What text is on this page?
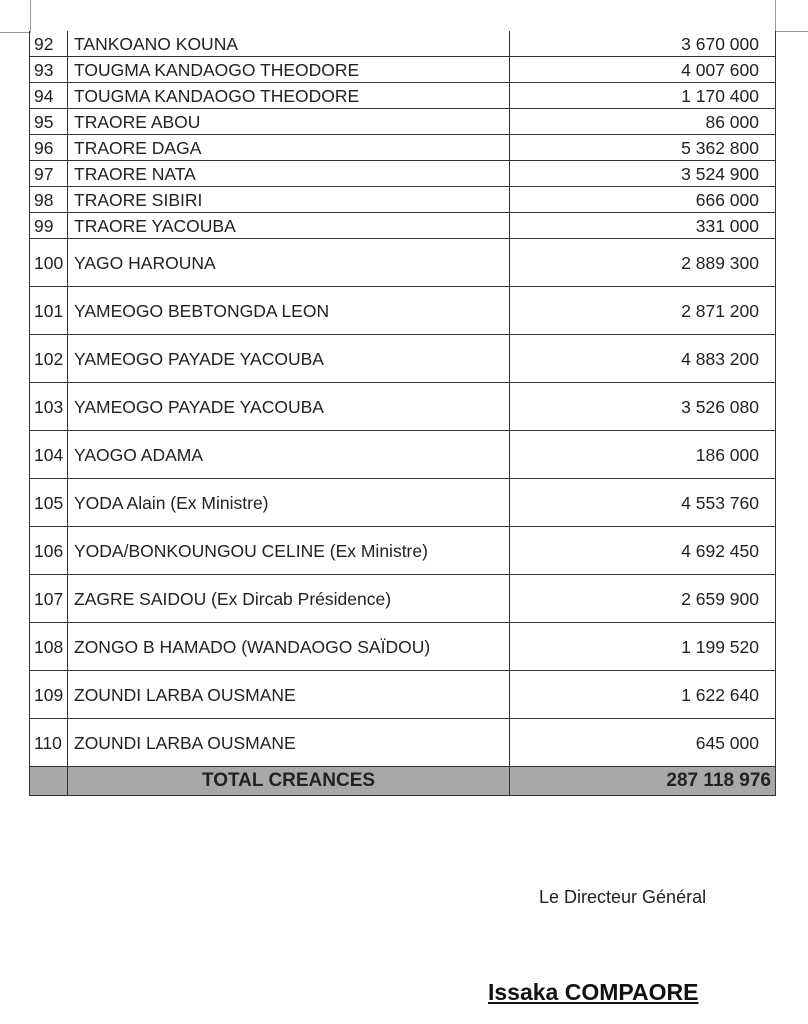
92	TANKOANO KOUNA	3 670 000
93	TOUGMA KANDAOGO THEODORE	4 007 600
94	TOUGMA KANDAOGO THEODORE	1 170 400
95	TRAORE ABOU	86 000
96	TRAORE DAGA	5 362 800
97	TRAORE NATA	3 524 900
98	TRAORE SIBIRI	666 000
99	TRAORE YACOUBA	331 000
100	YAGO HAROUNA	2 889 300
101	YAMEOGO BEBTONGDA LEON	2 871 200
102	YAMEOGO PAYADE YACOUBA	4 883 200
103	YAMEOGO PAYADE YACOUBA	3 526 080
104	YAOGO ADAMA	186 000
105	YODA Alain (Ex Ministre)	4 553 760
106	YODA/BONKOUNGOU CELINE (Ex Ministre)	4 692 450
107	ZAGRE SAIDOU (Ex Dircab Présidence)	2 659 900
108	ZONGO B HAMADO (WANDAOGO SAÏDOU)	1 199 520
109	ZOUNDI LARBA OUSMANE	1 622 640
110	ZOUNDI LARBA OUSMANE	645 000
	TOTAL CREANCES	287 118 976
Le Directeur Général
Issaka COMPAORE
